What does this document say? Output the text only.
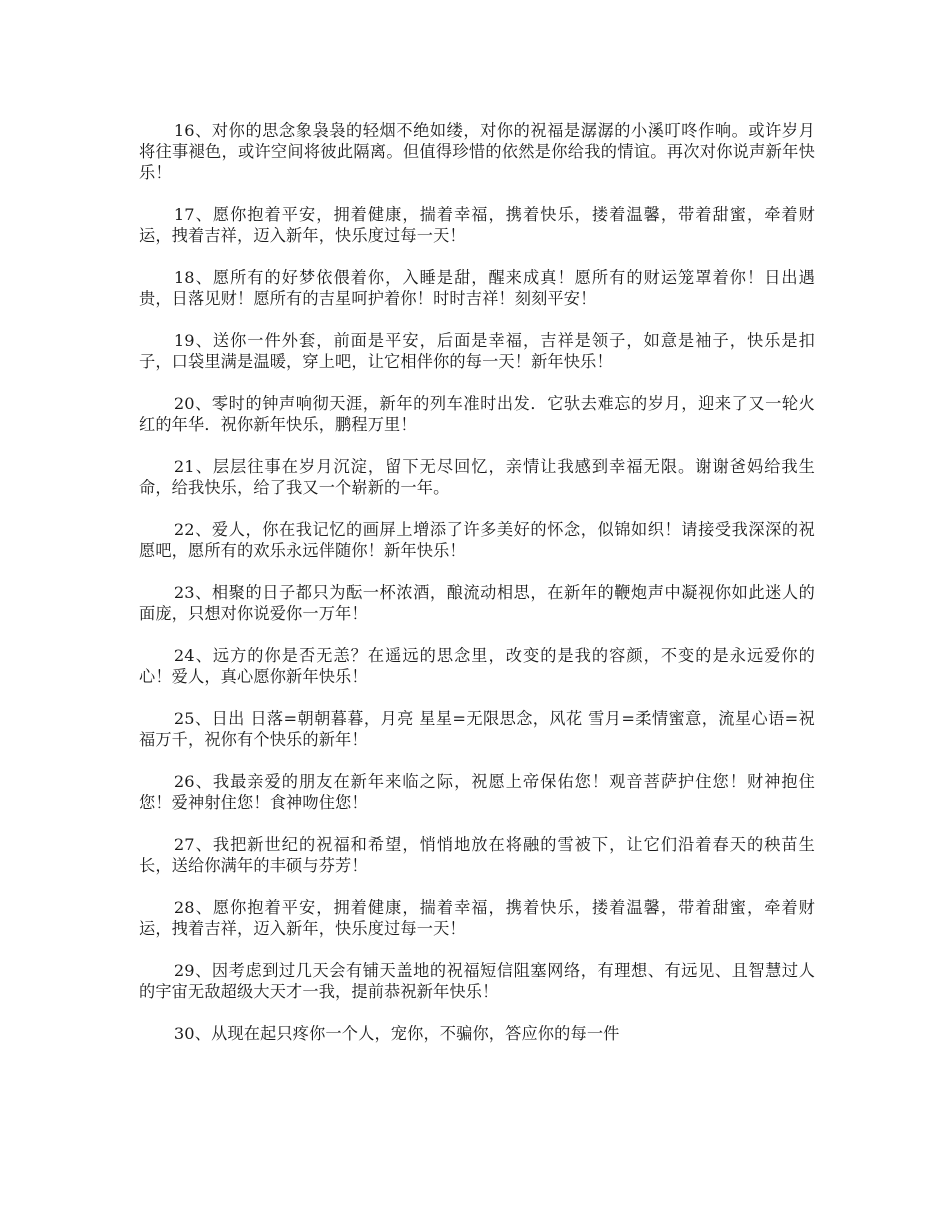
16、对你的思念象袅袅的轻烟不绝如缕，对你的祝福是潺潺的小溪叮咚作响。或许岁月将往事褪色，或许空间将彼此隔离。但值得珍惜的依然是你给我的情谊。再次对你说声新年快乐！

17、愿你抱着平安，拥着健康，揣着幸福，携着快乐，搂着温馨，带着甜蜜，牵着财运，拽着吉祥，迈入新年，快乐度过每一天！

18、愿所有的好梦依偎着你，入睡是甜，醒来成真！愿所有的财运笼罩着你！日出遇贵，日落见财！愿所有的吉星呵护着你！时时吉祥！刻刻平安！

19、送你一件外套，前面是平安，后面是幸福，吉祥是领子，如意是袖子，快乐是扣子，口袋里满是温暖，穿上吧，让它相伴你的每一天！新年快乐！

20、零时的钟声响彻天涯，新年的列车准时出发．它驮去难忘的岁月，迎来了又一轮火红的年华．祝你新年快乐，鹏程万里！

21、层层往事在岁月沉淀，留下无尽回忆，亲情让我感到幸福无限。谢谢爸妈给我生命，给我快乐，给了我又一个崭新的一年。

22、爱人，你在我记忆的画屏上增添了许多美好的怀念，似锦如织！请接受我深深的祝愿吧，愿所有的欢乐永远伴随你！新年快乐！

23、相聚的日子都只为酝一杯浓酒，酿流动相思，在新年的鞭炮声中凝视你如此迷人的面庞，只想对你说爱你一万年！

24、远方的你是否无恙？在遥远的思念里，改变的是我的容颜，不变的是永远爱你的心！爱人，真心愿你新年快乐！

25、日出 日落=朝朝暮暮，月亮 星星=无限思念，风花 雪月=柔情蜜意，流星心语=祝福万千，祝你有个快乐的新年！

26、我最亲爱的朋友在新年来临之际，祝愿上帝保佑您！观音菩萨护住您！财神抱住您！爱神射住您！食神吻住您！

27、我把新世纪的祝福和希望，悄悄地放在将融的雪被下，让它们沿着春天的秧苗生长，送给你满年的丰硕与芬芳！

28、愿你抱着平安，拥着健康，揣着幸福，携着快乐，搂着温馨，带着甜蜜，牵着财运，拽着吉祥，迈入新年，快乐度过每一天！

29、因考虑到过几天会有铺天盖地的祝福短信阻塞网络，有理想、有远见、且智慧过人的宇宙无敌超级大天才一我，提前恭祝新年快乐！

30、从现在起只疼你一个人，宠你，不骗你，答应你的每一件
